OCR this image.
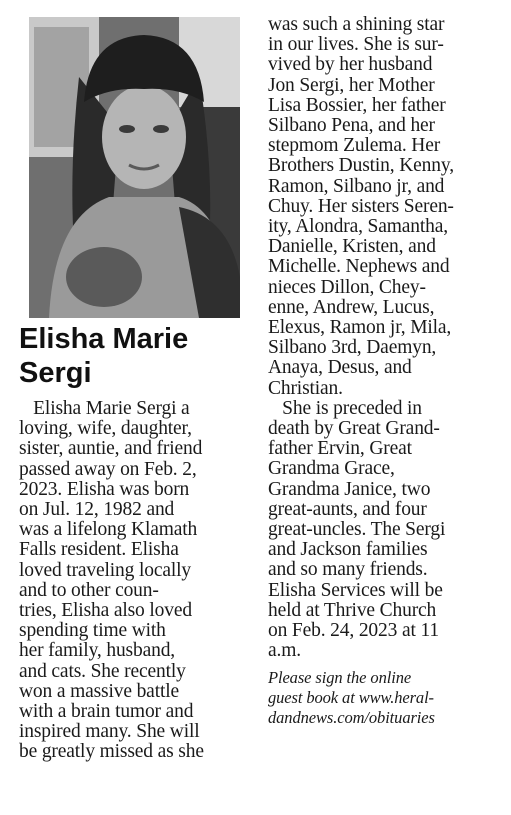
Elisha Marie
Sergi
Elisha Marie Sergi a
loving, wife, daughter,
sister, auntie, and friend
passed away on Feb. 2,
2023. Elisha was born
on Jul. 12, 1982 and
was a lifelong Klamath
Falls resident. Elisha
loved traveling locally
and to other coun-
tries, Elisha also loved
spending time with
her family, husband,
and cats. She recently
won a massive battle
with a brain tumor and
inspired many. She will
be greatly missed as she
was such a shining star
in our lives. She is sur-
vived by her husband
Jon Sergi, her Mother
Lisa Bossier, her father
Silbano Pena, and her
stepmom Zulema. Her
Brothers Dustin, Kenny,
Ramon, Silbano jr, and
Chuy. Her sisters Seren-
ity, Alondra, Samantha,
Danielle, Kristen, and
Michelle. Nephews and
nieces Dillon, Chey-
enne, Andrew, Lucus,
Elexus, Ramon jr, Mila,
Silbano 3rd, Daemyn,
Anaya, Desus, and
Christian.
She is preceded in
death by Great Grand-
father Ervin, Great
Grandma Grace,
Grandma Janice, two
great-aunts, and four
great-uncles. The Sergi
and Jackson families
and so many friends.
Elisha Services will be
held at Thrive Church
on Feb. 24, 2023 at 11
a.m.
Please sign the online
guest book at www.heral-
dandnews.com/obituaries
